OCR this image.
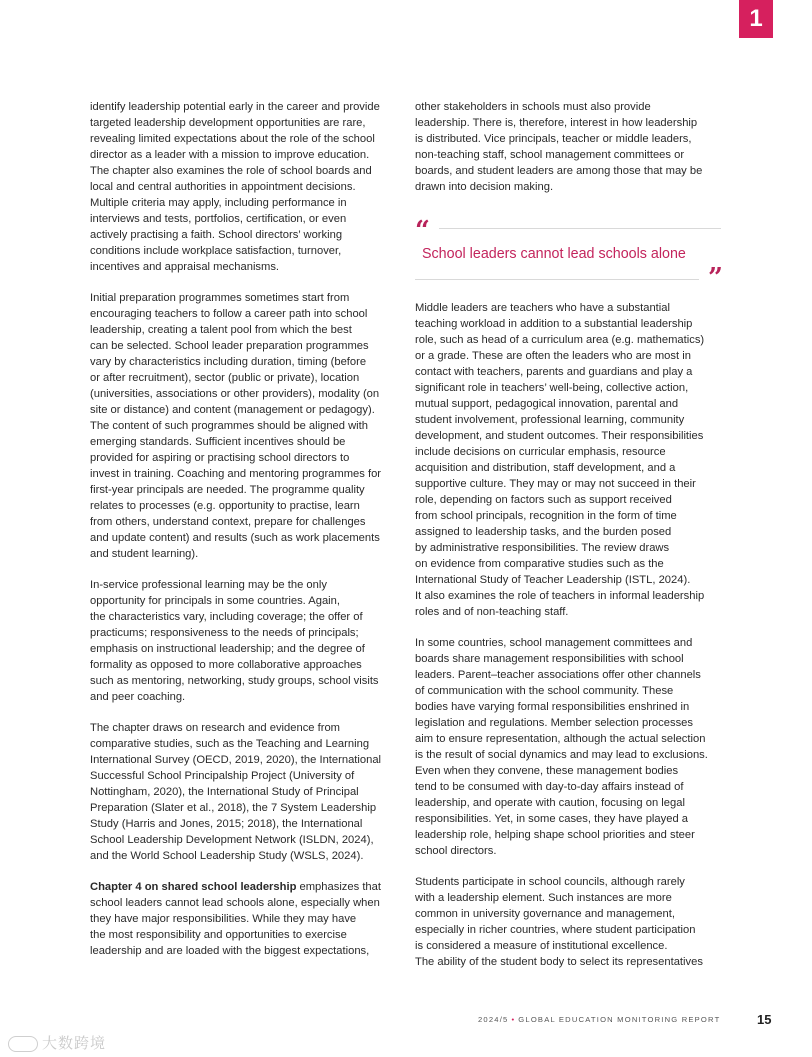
1

identify leadership potential early in the career and provide
targeted leadership development opportunities are rare,
revealing limited expectations about the role of the school
director as a leader with a mission to improve education.
The chapter also examines the role of school boards and
local and central authorities in appointment decisions.
Multiple criteria may apply, including performance in
interviews and tests, portfolios, certification, or even
actively practising a faith. School directors’ working
conditions include workplace satisfaction, turnover,
incentives and appraisal mechanisms.

Initial preparation programmes sometimes start from
encouraging teachers to follow a career path into school
leadership, creating a talent pool from which the best
can be selected. School leader preparation programmes
vary by characteristics including duration, timing (before
or after recruitment), sector (public or private), location
(universities, associations or other providers), modality (on
site or distance) and content (management or pedagogy).
The content of such programmes should be aligned with
emerging standards. Sufficient incentives should be
provided for aspiring or practising school directors to
invest in training. Coaching and mentoring programmes for
first-year principals are needed. The programme quality
relates to processes (e.g. opportunity to practise, learn
from others, understand context, prepare for challenges
and update content) and results (such as work placements
and student learning).

In-service professional learning may be the only
opportunity for principals in some countries. Again,
the characteristics vary, including coverage; the offer of
practicums; responsiveness to the needs of principals;
emphasis on instructional leadership; and the degree of
formality as opposed to more collaborative approaches
such as mentoring, networking, study groups, school visits
and peer coaching.

The chapter draws on research and evidence from
comparative studies, such as the Teaching and Learning
International Survey (OECD, 2019, 2020), the International
Successful School Principalship Project (University of
Nottingham, 2020), the International Study of Principal
Preparation (Slater et al., 2018), the 7 System Leadership
Study (Harris and Jones, 2015; 2018), the International
School Leadership Development Network (ISLDN, 2024),
and the World School Leadership Study (WSLS, 2024).

Chapter 4 on shared school leadership emphasizes that
school leaders cannot lead schools alone, especially when
they have major responsibilities. While they may have
the most responsibility and opportunities to exercise
leadership and are loaded with the biggest expectations,

other stakeholders in schools must also provide
leadership. There is, therefore, interest in how leadership
is distributed. Vice principals, teacher or middle leaders,
non-teaching staff, school management committees or
boards, and student leaders are among those that may be
drawn into decision making.

“
School leaders cannot lead schools alone
”

Middle leaders are teachers who have a substantial
teaching workload in addition to a substantial leadership
role, such as head of a curriculum area (e.g. mathematics)
or a grade. These are often the leaders who are most in
contact with teachers, parents and guardians and play a
significant role in teachers’ well-being, collective action,
mutual support, pedagogical innovation, parental and
student involvement, professional learning, community
development, and student outcomes. Their responsibilities
include decisions on curricular emphasis, resource
acquisition and distribution, staff development, and a
supportive culture. They may or may not succeed in their
role, depending on factors such as support received
from school principals, recognition in the form of time
assigned to leadership tasks, and the burden posed
by administrative responsibilities. The review draws
on evidence from comparative studies such as the
International Study of Teacher Leadership (ISTL, 2024).
It also examines the role of teachers in informal leadership
roles and of non-teaching staff.

In some countries, school management committees and
boards share management responsibilities with school
leaders. Parent–teacher associations offer other channels
of communication with the school community. These
bodies have varying formal responsibilities enshrined in
legislation and regulations. Member selection processes
aim to ensure representation, although the actual selection
is the result of social dynamics and may lead to exclusions.
Even when they convene, these management bodies
tend to be consumed with day-to-day affairs instead of
leadership, and operate with caution, focusing on legal
responsibilities. Yet, in some cases, they have played a
leadership role, helping shape school priorities and steer
school directors.

Students participate in school councils, although rarely
with a leadership element. Such instances are more
common in university governance and management,
especially in richer countries, where student participation
is considered a measure of institutional excellence.
The ability of the student body to select its representatives

2024/5 • GLOBAL EDUCATION MONITORING REPORT	15
大数跨境
